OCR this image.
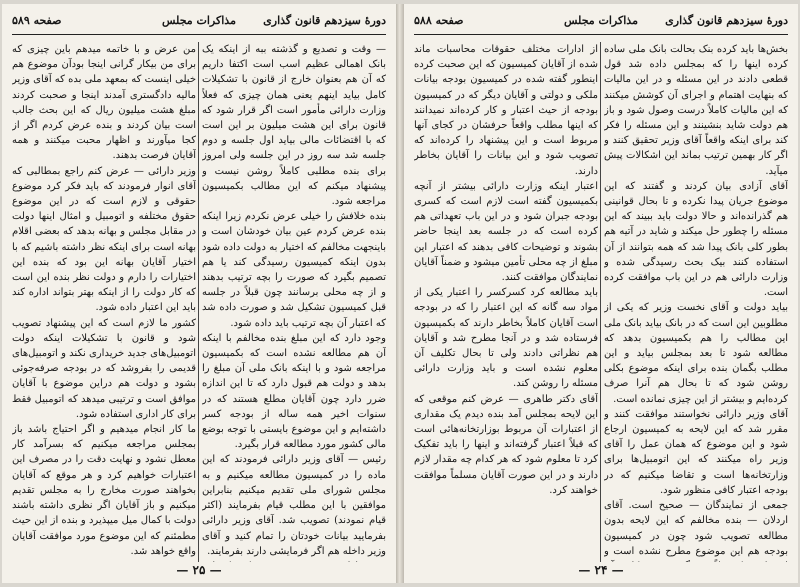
دورهٔ سیزدهم قانون گذاری
مذاکرات مجلس
صفحه ۵۸۹

— وقت و تصدیع و گذشته ببه از اینکه یک بانک اهمالی عظیم اسب است اکتفا داریم که آن هم بعنوان خارج از قانون با تشکیلات کامل بیاید اینهم یعنی همان چیزی که فعلاً وزارت دارائی مأمور است اگر قرار شود که قانون برای این هشت میلیون بر این است که با اقتضائات مالی بیاید اول جلسه و دوم جلسه شد سه روز در این جلسه ولی امروز برای بنده مطلبی کاملاً روشن نیست و پیشنهاد میکنم که این مطالب بکمیسیون مراجعه شود.

بنده خلافش را خیلی عرض نکردم زیرا اینکه بنده عرض کردم عین بیان خودشان است و باینجهت مخالفم که اختیار به دولت داده شود بدون اینکه کمیسیون رسیدگی کند یا هم تصمیم بگیرد که صورت را بچه ترتیب بدهند و از چه محلی برسانند چون قبلاً در جلسه قبل کمیسیون تشکیل شد و صورت داده شد که اعتبار آن بچه ترتیب باید داده شود.

وجود دارد که این مبلغ بنده مخالفم با اینکه آن هم مطالعه نشده است که بکمیسیون مراجعه شود و با اینکه بانک ملی آن مبلغ را بدهد و دولت هم قبول دارد که تا این اندازه ضرر دارد چون آقایان مطلع هستند که در سنوات اخیر همه ساله از بودجه کسر داشته‌ایم و این موضوع بایستی با توجه بوضع مالی کشور مورد مطالعه قرار بگیرد.

رئیس — آقای وزیر دارائی فرمودند که این ماده را در کمیسیون مطالعه میکنیم و به مجلس شورای ملی تقدیم میکنیم بنابراین موافقین با این مطلب قیام بفرمایند (اکثر قیام نمودند) تصویب شد. آقای وزیر دارائی بفرمایید بیانات خودتان را تمام کنید و آقای وزیر داخله هم اگر فرمایشی دارند بفرمایند.

من عرض و با خاتمه میدهم باین چیزی که برای من بیکار گرانی اینجا بودآن موضوع هم خیلی اینست که بمعهد ملی بده که آقای وزیر مالیه دادگستری آمدند اینجا و صحبت کردند مبلغ هشت میلیون ریال که این بحث جالب است بیان کردند و بنده عرض کردم اگر از کجا میآورند و اظهار محبت میکنند و همه آقایان فرصت بدهند.

وزیر دارائی — عرض کنم راجع بمطالبی که آقای انوار فرمودند که باید فکر کرد موضوع حقوقی و لازم است که در این موضوع حقوق مختلفه و اتومبیل و امثال اینها دولت در مقابل مجلس و بهانه بدهد که بعضی اقلام بهانه است برای اینکه نظر داشته باشیم که با اختیار آقایان بهانه این بود که بنده این اختیارات را دارم و دولت نظر بنده این است که کار دولت را از اینکه بهتر بتواند اداره کند باید این اعتبار داده شود.

کشور ما لازم است که این پیشنهاد تصویب شود و قانون با تشکیلات اینکه دولت اتومبیل‌های جدید خریداری نکند و اتومبیل‌های قدیمی را بفروشد که در بودجه صرفه‌جوئی بشود و دولت هم دراین موضوع با آقایان موافق است و ترتیبی میدهد که اتومبیل فقط برای کار اداری استفاده شود.

ما کار انجام میدهیم و اگر احتیاج باشد باز بمجلس مراجعه میکنیم که بسرآمد کار معطل نشود و نهایت دقت را در مصرف این اعتبارات خواهیم کرد و هر موقع که آقایان بخواهند صورت مخارج را به مجلس تقدیم میکنیم و باز آقایان اگر نظری داشته باشند دولت با کمال میل میپذیرد و بنده از این حیث مطمئنم که این موضوع مورد موافقت آقایان واقع خواهد شد.

— ۲۵ —
دورهٔ سیزدهم قانون گذاری
مذاکرات مجلس
صفحه ۵۸۸

بخش‌ها باید کرده بنک بحالت بانک ملی ساده کرده اینها را که بمجلس داده شد قول قطعی دادند در این مسئله و در این مالیات که بنهایت اهتمام و اجرای آن کوشش میکنند که این مالیات کاملاً درست وصول شود و باز هم دولت شاید بنشینند و این مسئله را فکر کند برای اینکه واقعاً آقای وزیر تحقیق کنند و اگر کار بهمین ترتیب بماند این اشکالات پیش میآید.

آقای آزادی بیان کردند و گفتند که این موضوع جریان پیدا نکرده و تا بحال قوانینی هم گذرانده‌اند و حالا دولت باید ببیند که این مسئله را چطور حل میکند و شاید در آتیه هم بطور کلی بانک پیدا شد که همه بتوانند از آن استفاده کنند بیک بحث رسیدگی شده و وزارت دارائی هم در این باب موافقت کرده است.

بیاید دولت و آقای نخست وزیر که یکی از مطلوبین این است که در بانک بیاید بانک ملی این مطالب را هم بکمیسیون بدهد که مطالعه شود تا بعد بمجلس بیاید و این مطلب بگمان بنده برای اینکه موضوع بکلی روشن شود که تا بحال هم آنرا صرف کرده‌ایم و بیشتر از این چیزی نمانده است.

آقای وزیر دارائی نخواستند موافقت کنند و مقرر شد که این لایحه به کمیسیون ارجاع شود و این موضوع که همان عمل را آقای وزیر راه میکنند که این اتومبیل‌ها برای وزارتخانه‌ها است و تقاضا میکنیم که در بودجه اعتبار کافی منظور شود.

جمعی از نمایندگان — صحیح است. آقای اردلان — بنده مخالفم که این لایحه بدون مطالعه تصویب شود چون در کمیسیون بودجه هم این موضوع مطرح نشده است و

از ادارات مختلف حقوقات محاسبات ماند شده از آقایان کمیسیون که این صحبت کرده اینطور گفته شده در کمیسیون بودجه بیانات ملکی و دولتی و آقایان دیگر که در کمیسیون بودجه از حیث اعتبار و کار کرده‌اند نمیدانند که اینها مطلب واقعاً حرفشان در کجای آنها مربوط است و این پیشنهاد را کرده‌اند که تصویب شود و این بیانات را آقایان بخاطر دارند.

اعتبار اینکه وزارت دارائی بیشتر از آنچه بکمیسیون گفته است لازم است که کسری بودجه جبران شود و در این باب تعهداتی هم کرده است که در جلسه بعد اینجا حاضر بشوند و توضیحات کافی بدهند که اعتبار این مبلغ از چه محلی تأمین میشود و ضمناً آقایان نمایندگان موافقت کنند.

باید مطالعه کرد کسرکسر را اعتبار یکی از مواد سه گانه که این اعتبار را که در بودجه است آقایان کاملاً بخاطر دارند که بکمیسیون فرستاده شد و در آنجا مطرح شد و آقایان هم نظراتی دادند ولی تا بحال تکلیف آن معلوم نشده است و باید وزارت دارائی مسئله را روشن کند.

آقای دکتر طاهری — عرض کنم موقعی که این لایحه بمجلس آمد بنده دیدم یک مقداری از اعتبارات آن مربوط بوزارتخانه‌هائی است که قبلاً اعتبار گرفته‌اند و اینها را باید تفکیک کرد تا معلوم شود که هر کدام چه مقدار لازم دارند و در این صورت آقایان مسلماً موافقت خواهند کرد.

— ۲۴ —
